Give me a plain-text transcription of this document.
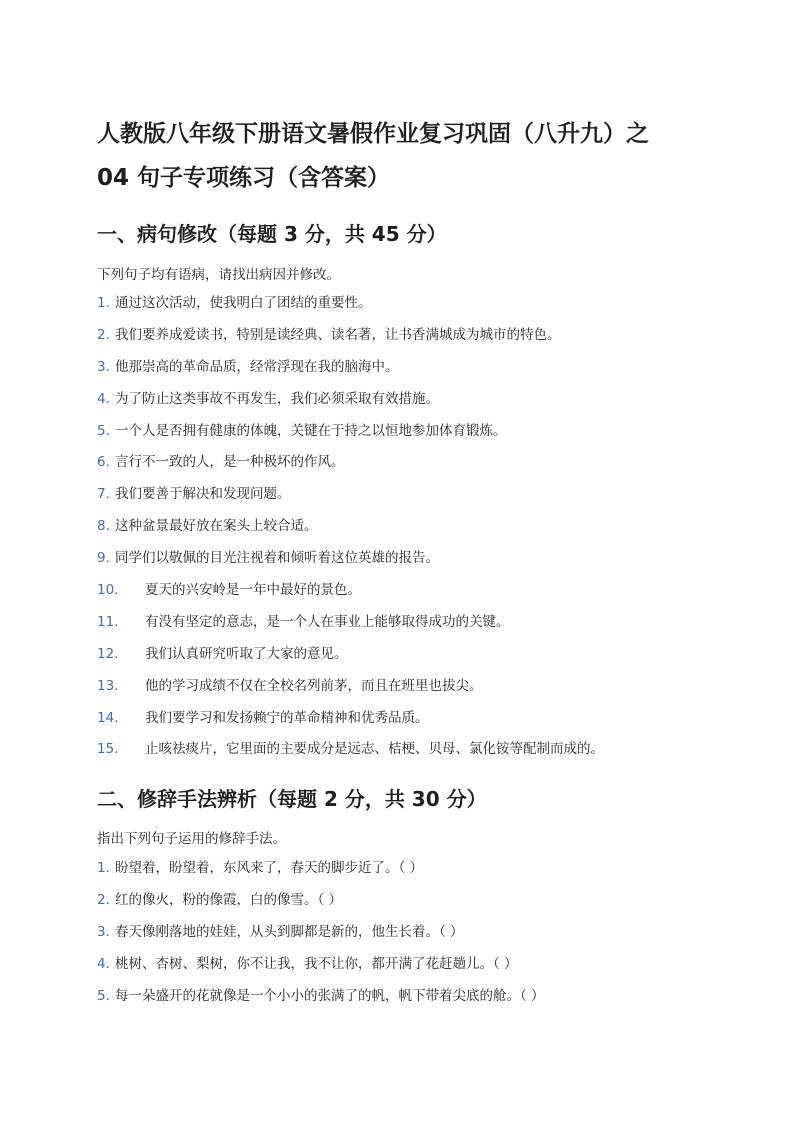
人教版八年级下册语文暑假作业复习巩固（八升九）之
04 句子专项练习（含答案）
一、病句修改（每题 3 分，共 45 分）
下列句子均有语病，请找出病因并修改。
1. 通过这次活动，使我明白了团结的重要性。
2. 我们要养成爱读书，特别是读经典、读名著，让书香满城成为城市的特色。
3. 他那崇高的革命品质，经常浮现在我的脑海中。
4. 为了防止这类事故不再发生，我们必须采取有效措施。
5. 一个人是否拥有健康的体魄，关键在于持之以恒地参加体育锻炼。
6. 言行不一致的人，是一种极坏的作风。
7. 我们要善于解决和发现问题。
8. 这种盆景最好放在案头上较合适。
9. 同学们以敬佩的目光注视着和倾听着这位英雄的报告。
10.	夏天的兴安岭是一年中最好的景色。
11.	有没有坚定的意志，是一个人在事业上能够取得成功的关键。
12.	我们认真研究听取了大家的意见。
13.	他的学习成绩不仅在全校名列前茅，而且在班里也拔尖。
14.	我们要学习和发扬赖宁的革命精神和优秀品质。
15.	止咳祛痰片，它里面的主要成分是远志、桔梗、贝母、氯化铵等配制而成的。
二、修辞手法辨析（每题 2 分，共 30 分）
指出下列句子运用的修辞手法。
1. 盼望着，盼望着，东风来了，春天的脚步近了。（ ）
2. 红的像火，粉的像霞，白的像雪。（ ）
3. 春天像刚落地的娃娃，从头到脚都是新的，他生长着。（ ）
4. 桃树、杏树、梨树，你不让我，我不让你，都开满了花赶趟儿。（ ）
5. 每一朵盛开的花就像是一个小小的张满了的帆，帆下带着尖底的舱。（ ）
